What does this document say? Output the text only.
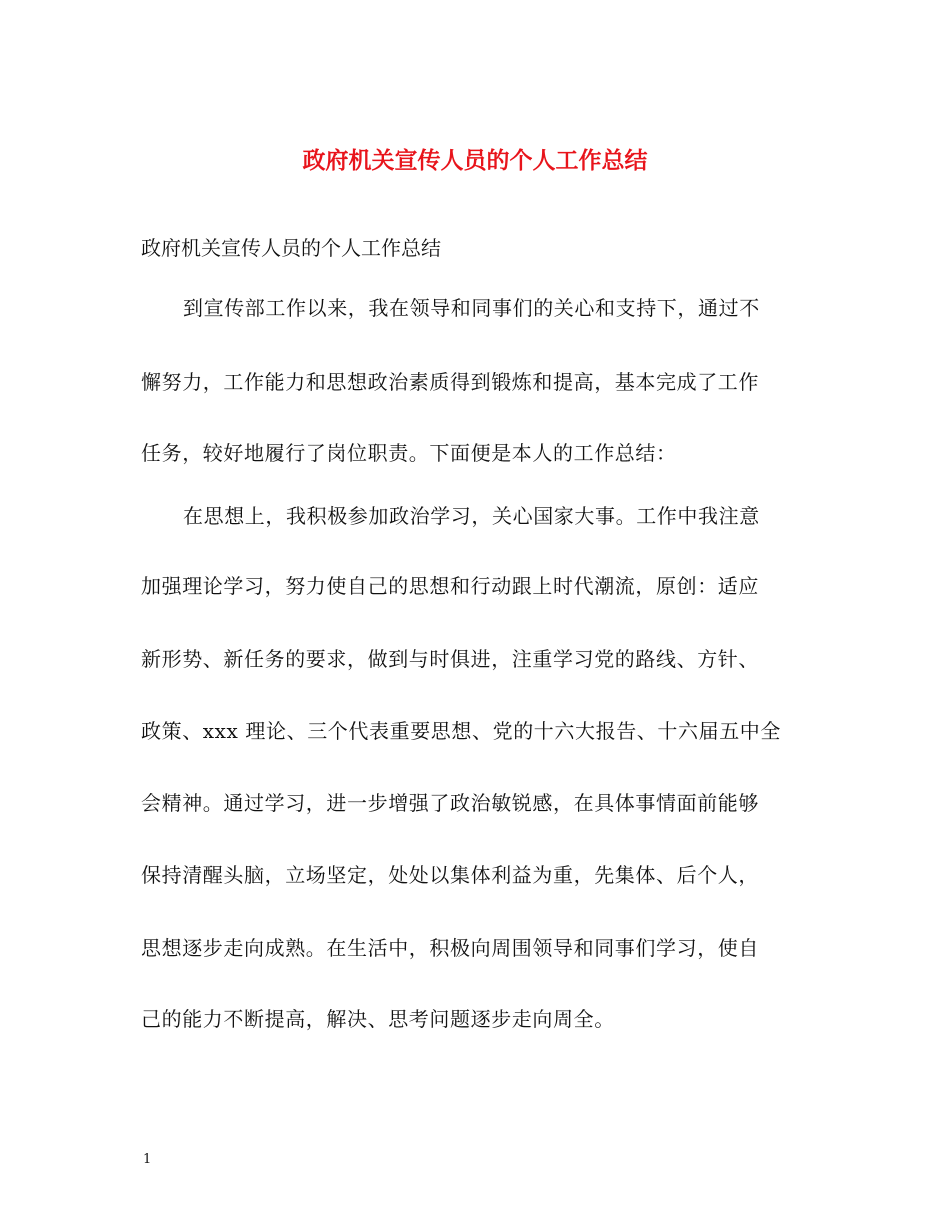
政府机关宣传人员的个人工作总结
政府机关宣传人员的个人工作总结
到宣传部工作以来，我在领导和同事们的关心和支持下，通过不
懈努力，工作能力和思想政治素质得到锻炼和提高，基本完成了工作
任务，较好地履行了岗位职责。下面便是本人的工作总结：
在思想上，我积极参加政治学习，关心国家大事。工作中我注意
加强理论学习，努力使自己的思想和行动跟上时代潮流，原创：适应
新形势、新任务的要求，做到与时俱进，注重学习党的路线、方针、
政策、xxx 理论、三个代表重要思想、党的十六大报告、十六届五中全
会精神。通过学习，进一步增强了政治敏锐感，在具体事情面前能够
保持清醒头脑，立场坚定，处处以集体利益为重，先集体、后个人，
思想逐步走向成熟。在生活中，积极向周围领导和同事们学习，使自
己的能力不断提高，解决、思考问题逐步走向周全。
1
